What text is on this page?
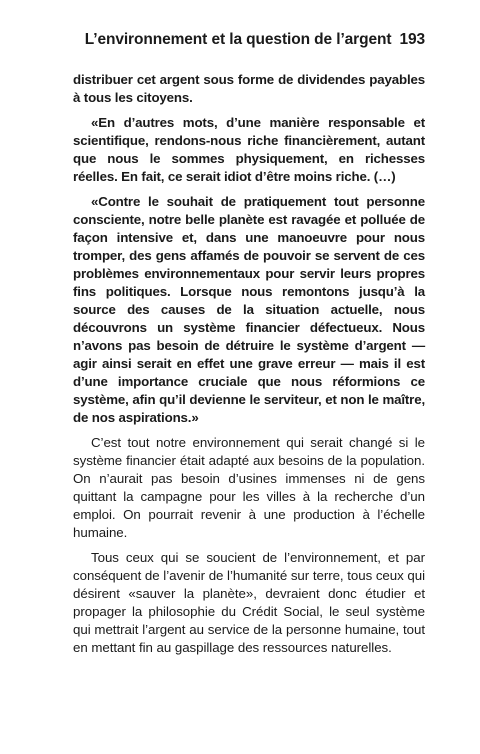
L’environnement et la question de l’argent 193

distribuer cet argent sous forme de dividendes payables à tous les citoyens.

«En d’autres mots, d’une manière responsable et scientifique, rendons-nous riche financièrement, autant que nous le sommes physiquement, en richesses réelles. En fait, ce serait idiot d’être moins riche. (…)

«Contre le souhait de pratiquement tout personne consciente, notre belle planète est ravagée et polluée de façon intensive et, dans une manoeuvre pour nous tromper, des gens affamés de pouvoir se servent de ces problèmes environnementaux pour servir leurs propres fins politiques. Lorsque nous remontons jusqu’à la source des causes de la situation actuelle, nous découvrons un système financier défectueux. Nous n’avons pas besoin de détruire le système d’argent — agir ainsi serait en effet une grave erreur — mais il est d’une importance cruciale que nous réformions ce système, afin qu’il devienne le serviteur, et non le maître, de nos aspirations.»

C’est tout notre environnement qui serait changé si le système financier était adapté aux besoins de la population. On n’aurait pas besoin d’usines immenses ni de gens quittant la campagne pour les villes à la recherche d’un emploi. On pourrait revenir à une production à l’échelle humaine.

Tous ceux qui se soucient de l’environnement, et par conséquent de l’avenir de l’humanité sur terre, tous ceux qui désirent «sauver la planète», devraient donc étudier et propager la philosophie du Crédit Social, le seul système qui mettrait l’argent au service de la personne humaine, tout en mettant fin au gaspillage des ressources naturelles.
